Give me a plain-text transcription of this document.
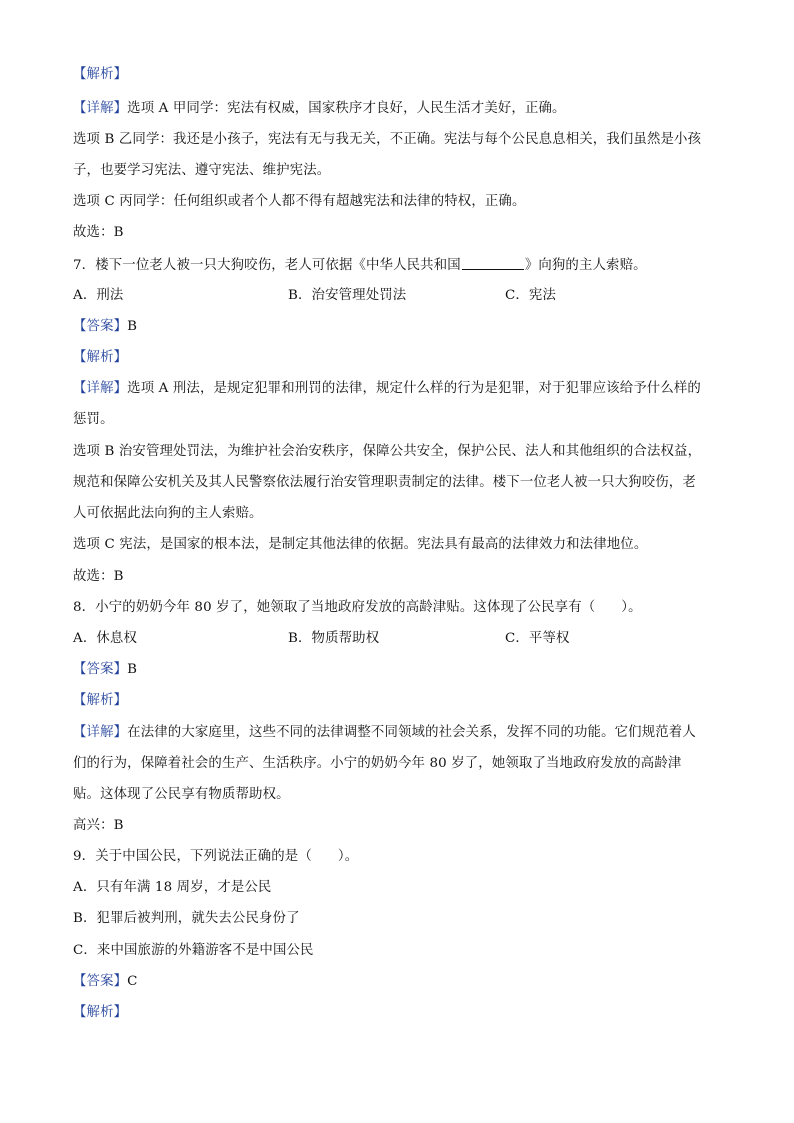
【解析】
【详解】选项 A 甲同学：宪法有权威，国家秩序才良好，人民生活才美好，正确。
选项 B 乙同学：我还是小孩子，宪法有无与我无关，不正确。宪法与每个公民息息相关，我们虽然是小孩
子，也要学习宪法、遵守宪法、维护宪法。
选项 C 丙同学：任何组织或者个人都不得有超越宪法和法律的特权，正确。
故选：B
7．楼下一位老人被一只大狗咬伤，老人可依据《中华人民共和国	》向狗的主人索赔。
A．刑法	B．治安管理处罚法	C．宪法
【答案】B
【解析】
【详解】选项 A 刑法，是规定犯罪和刑罚的法律，规定什么样的行为是犯罪，对于犯罪应该给予什么样的
惩罚。
选项 B 治安管理处罚法，为维护社会治安秩序，保障公共安全，保护公民、法人和其他组织的合法权益，
规范和保障公安机关及其人民警察依法履行治安管理职责制定的法律。楼下一位老人被一只大狗咬伤，老
人可依据此法向狗的主人索赔。
选项 C 宪法，是国家的根本法，是制定其他法律的依据。宪法具有最高的法律效力和法律地位。
故选：B
8．小宁的奶奶今年 80 岁了，她领取了当地政府发放的高龄津贴。这体现了公民享有（ ）。
A．休息权	B．物质帮助权	C．平等权
【答案】B
【解析】
【详解】在法律的大家庭里，这些不同的法律调整不同领域的社会关系，发挥不同的功能。它们规范着人
们的行为，保障着社会的生产、生活秩序。小宁的奶奶今年 80 岁了，她领取了当地政府发放的高龄津
贴。这体现了公民享有物质帮助权。
高兴：B
9．关于中国公民，下列说法正确的是（ ）。
A．只有年满 18 周岁，才是公民
B．犯罪后被判刑，就失去公民身份了
C．来中国旅游的外籍游客不是中国公民
【答案】C
【解析】
